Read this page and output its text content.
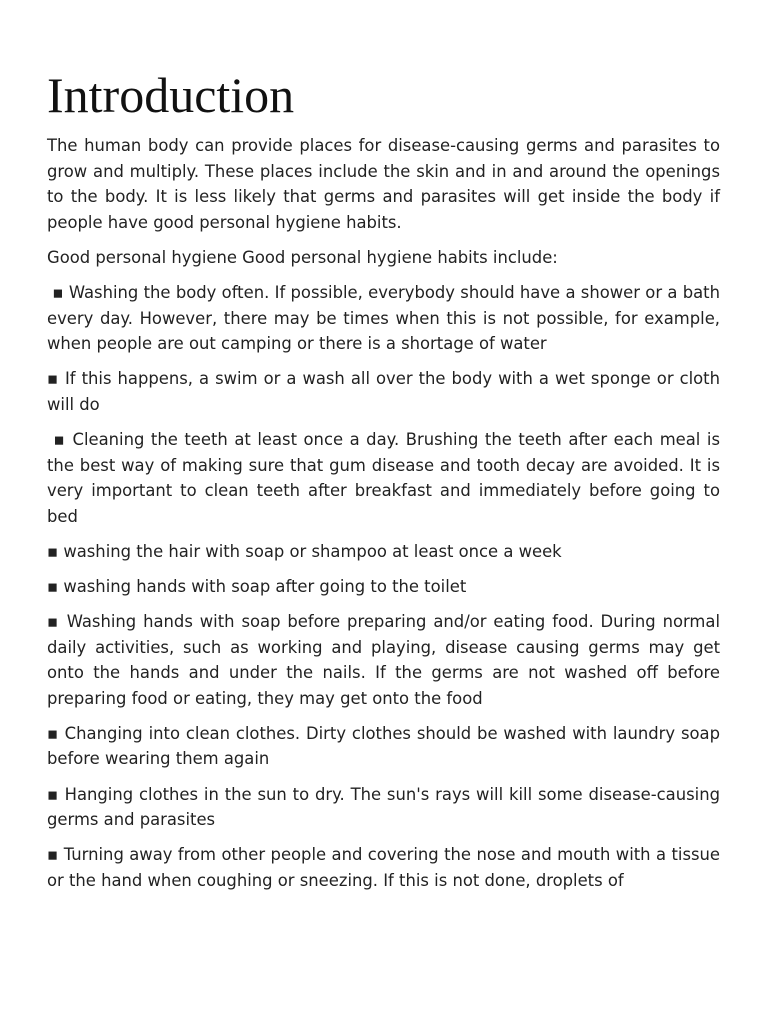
Introduction

The human body can provide places for disease-causing germs and parasites to grow and multiply. These places include the skin and in and around the openings to the body. It is less likely that germs and parasites will get inside the body if people have good personal hygiene habits.

Good personal hygiene Good personal hygiene habits include:

▪ Washing the body often. If possible, everybody should have a shower or a bath every day. However, there may be times when this is not possible, for example, when people are out camping or there is a shortage of water

▪ If this happens, a swim or a wash all over the body with a wet sponge or cloth will do

▪ Cleaning the teeth at least once a day. Brushing the teeth after each meal is the best way of making sure that gum disease and tooth decay are avoided. It is very important to clean teeth after breakfast and immediately before going to bed

▪ washing the hair with soap or shampoo at least once a week

▪ washing hands with soap after going to the toilet

▪ Washing hands with soap before preparing and/or eating food. During normal daily activities, such as working and playing, disease causing germs may get onto the hands and under the nails. If the germs are not washed off before preparing food or eating, they may get onto the food

▪ Changing into clean clothes. Dirty clothes should be washed with laundry soap before wearing them again

▪ Hanging clothes in the sun to dry. The sun's rays will kill some disease-causing germs and parasites

▪ Turning away from other people and covering the nose and mouth with a tissue or the hand when coughing or sneezing. If this is not done, droplets of
